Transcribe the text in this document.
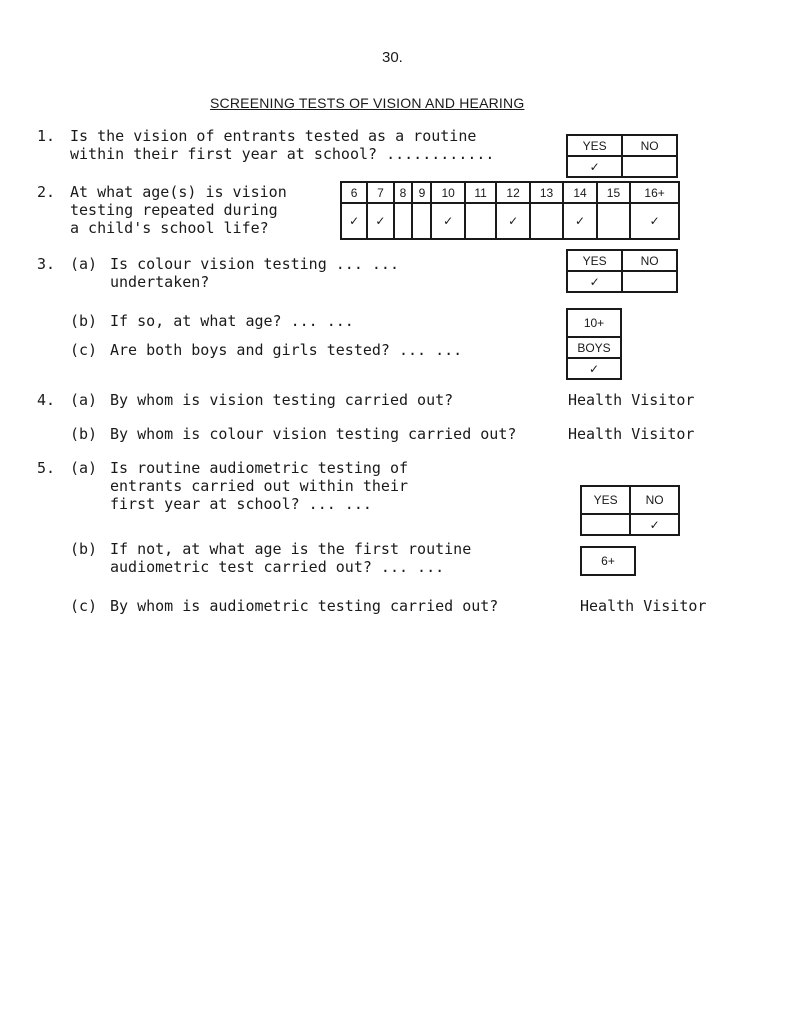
30.
SCREENING TESTS OF VISION AND HEARING
1. Is the vision of entrants tested as a routine
within their first year at school? ............	YES	NO
✓	
2. At what age(s) is vision
testing repeated during
a child's school life?
6	7	8	9	10	11	12	13	14	15	16+
✓	✓			✓		✓		✓		✓
3. (a) Is colour vision testing ... ...
undertaken?
YES	NO
✓	
(b) If so, at what age? ... ...	10+
(c) Are both boys and girls tested? ... ...	BOYS
✓
4. (a) By whom is vision testing carried out?	Health Visitor
(b) By whom is colour vision testing carried out?	Health Visitor
5. (a) Is routine audiometric testing of
entrants carried out within their
first year at school? ... ...	YES	NO
	✓
(b) If not, at what age is the first routine
audiometric test carried out? ... ...	6+
(c) By whom is audiometric testing carried out?	Health Visitor
